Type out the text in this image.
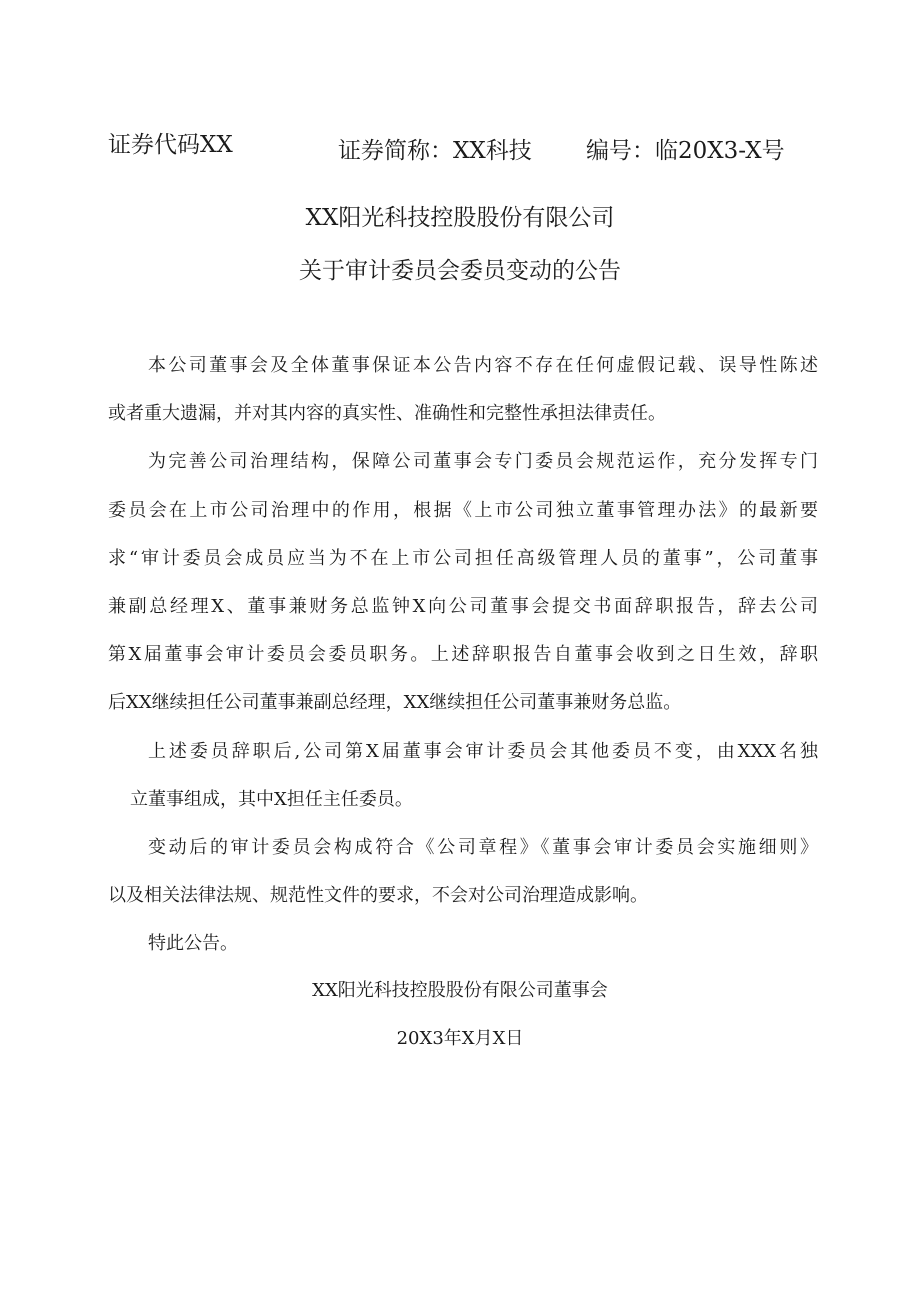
证券代码XX	证券简称：XX科技 编号：临20X3-X号
XX阳光科技控股股份有限公司
关于审计委员会委员变动的公告
本公司董事会及全体董事保证本公告内容不存在任何虚假记载、误导性陈述
或者重大遗漏，并对其内容的真实性、准确性和完整性承担法律责任。
为完善公司治理结构，保障公司董事会专门委员会规范运作，充分发挥专门
委员会在上市公司治理中的作用，根据《上市公司独立董事管理办法》的最新要
求“审计委员会成员应当为不在上市公司担任高级管理人员的董事”，公司董事
兼副总经理X、董事兼财务总监钟X向公司董事会提交书面辞职报告，辞去公司
第X届董事会审计委员会委员职务。上述辞职报告自董事会收到之日生效，辞职
后XX继续担任公司董事兼副总经理，XX继续担任公司董事兼财务总监。
上述委员辞职后,公司第X届董事会审计委员会其他委员不变，由XXX名独
立董事组成，其中X担任主任委员。
变动后的审计委员会构成符合《公司章程》《董事会审计委员会实施细则》
以及相关法律法规、规范性文件的要求，不会对公司治理造成影响。
特此公告。
XX阳光科技控股股份有限公司董事会
20X3年X月X日
